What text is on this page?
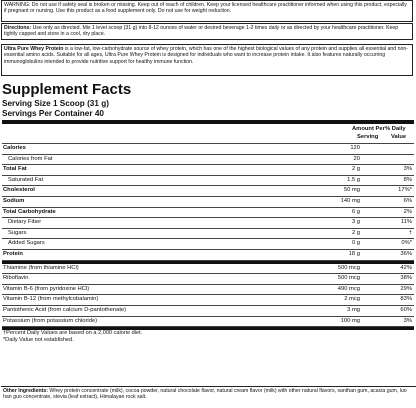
WARNING: Do not use if safety seal is broken or missing. Keep out of reach of children. Keep your licensed healthcare practitioner informed when using this product, especially if pregnant or nursing. Use this product as a food supplement only. Do not use for weight reduction.
Directions: Use only as directed. Mix 1 level scoop (31 g) into 8-12 ounces of water or desired beverage 1-2 times daily or as directed by your healthcare practitioner. Keep tightly capped and store in a cool, dry place.
Ultra Pure Whey Protein is a low-fat, low-carbohydrate source of whey protein, which has one of the highest biological values of any protein and supplies all essential and non-essential amino acids. Suitable for all ages, Ultra Pure Whey Protein is designed for individuals who want to increase protein intake. It also features naturally occurring immunoglobulins intended to provide nutritive support for healthy immune function.
Supplement Facts
Serving Size 1 Scoop (31 g)
Servings Per Container 40
Amount Per
Serving
% Daily
Value
Calories	120
Calories from Fat	20
Total Fat	2 g	3%
Saturated Fat	1.5 g	8%
Cholesterol	50 mg	17%*
Sodium	140 mg	6%
Total Carbohydrate	6 g	2%
Dietary Fiber	3 g	11%
Sugars	2 g	†
Added Sugars	0 g	0%*
Protein	18 g	36%
Thiamine (from thiamine HCl)	500 mcg	42%
Riboflavin	500 mcg	38%
Vitamin B-6 (from pyridoxine HCl)	490 mcg	29%
Vitamin B-12 (from methylcobalamin)	2 mcg	83%
Pantothenic Acid (from calcium D-pantothenate)	3 mg	60%
Potassium (from potassium chloride)	100 mg	3%
†Percent Daily Values are based on a 2,000 calorie diet.
*Daily Value not established.
Other Ingredients: Whey protein concentrate (milk), cocoa powder, natural chocolate flavor, natural cream flavor (milk) with other natural flavors, xanthan gum, acacia gum, luo han guo concentrate, stevia (leaf extract), Himalayan rock salt.
